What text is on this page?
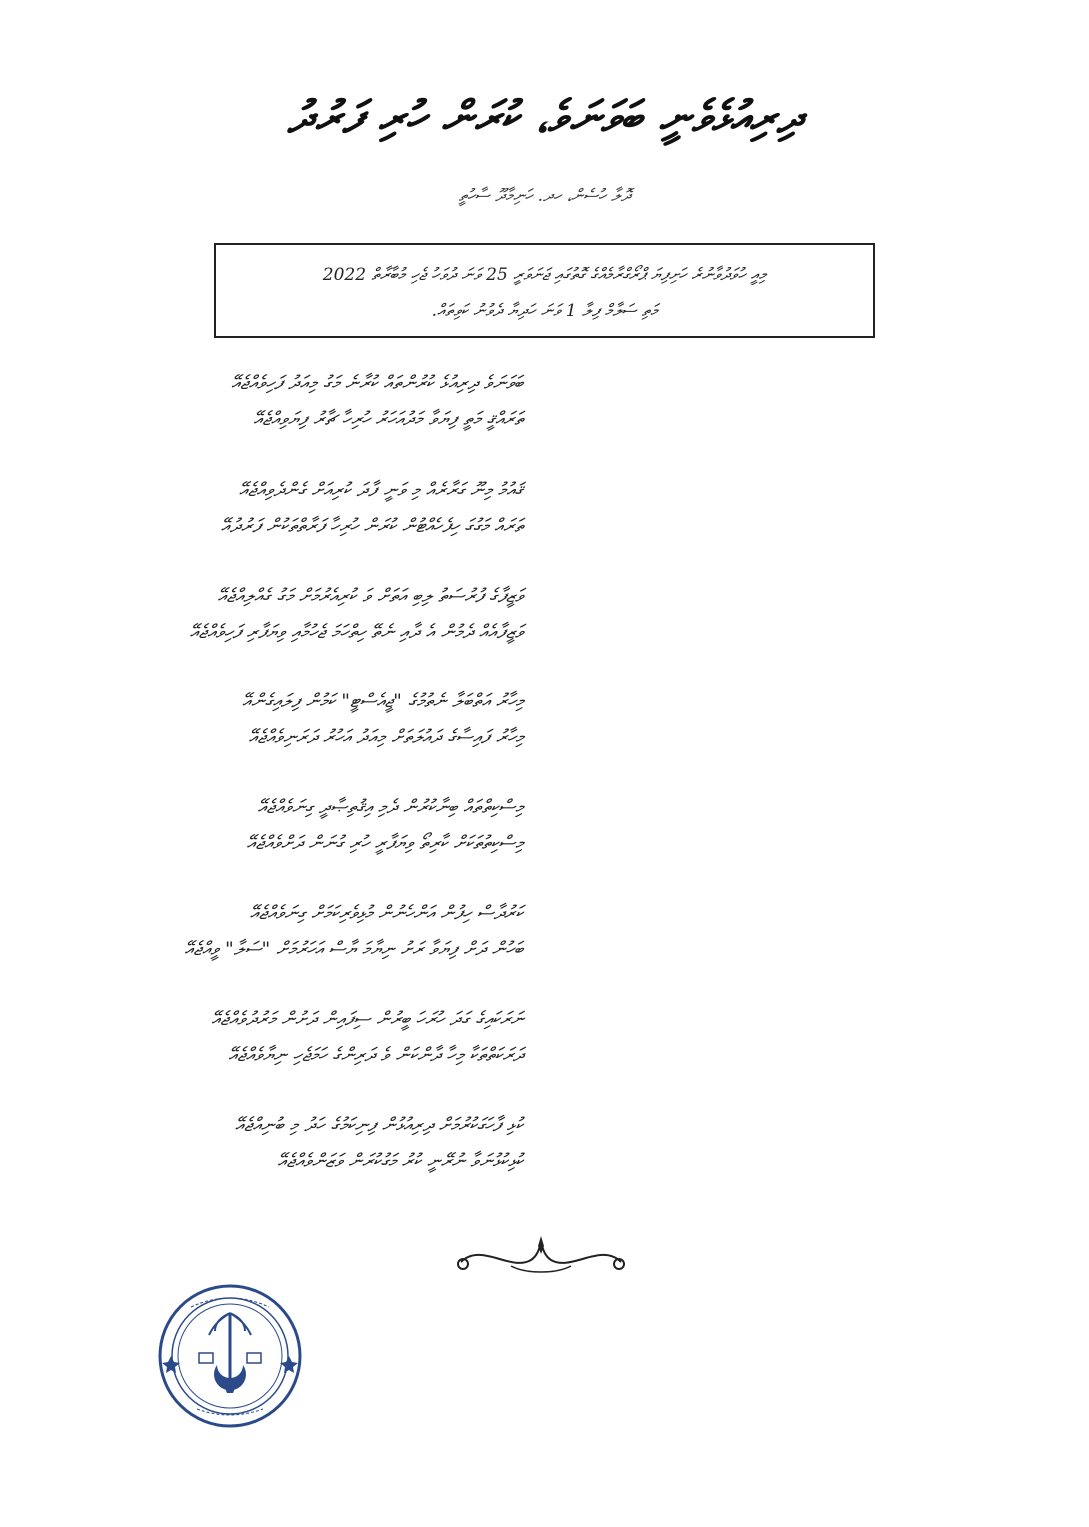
ދިރިއުޅެވެނީ ބަވަނަވެ، ކުރަން ހުރި ފަރުދު
ދޮލާ ހުސެން، ހދ. ހަނިމާދޫ ސާހުތީ
މިއީ ހުވަދުވާނުރެ ހަށިފިޔަ ޕްރޯގްރާމެއްގެ ގޮތުގައި ޖަނަވަރީ 25 ވަނަ ދުވަހު ޖެހި މުބާރާތް 2022
މަތި ސަލާމް ފިލާ 1 ވަނަ ހަދިޔާ ދެވުނު ކަވިތައް.
ބަވަނަވެ ދިރިއުޅެ ކުރުންތައް ކުރާނެ މަގު މިއަދު ފަހިވެއްޖެއޭ
ތަރައްޤީ މަތީ ފިޔަވާ މަދުއަހަރު ހުރިހާ ޗާރު ފިޔަވިއްޖެއޭ
ޤައުމު މިނޫ ގަރާރެއް މި ވަނީ ފާދަ ކުރިއަށް ގެންދެވިއްޖެއޭ
ތަރައް މަގުގަ ހިފެހެއްޓުން ކުރަން ހުރިހާ ފަރާތްތަކުން ފަރުދުއޭ
ވަޒީފާގެ ފުރުސަތު ލިބި އަތަށް ވަ ކުރިއެރުމަށް މަގު ގެއްލިއްޖެއޭ
ވަޒީފާއެއް ދެމުން އެ ދާއި ނެތޭ ހިތްހަމަ ޖެހުމާއި ވިޔަފާރި ފަހިވެއްޖެއޭ
މިހާރު އަތްބަލާ ނެތުމުގެ "ޖީއެސްޓީ" ކަމުން ފިލައިގެންއޭ
މިހާރު ފައިސާގެ ދައުލަތަށް މިއަދު އަހުރު ދަރަނިވެއްޖެއޭ
މިސްކިތްތައް ބިނާކުރުން ދެމި އިޤުތިޞާދީ ގިނަވެއްޖެއޭ
މިސްކިތުތަކަށް ކާރިތޯ ވިޔަފާރީ ހުރި ގުނަން ދަށްވެއްޖެއޭ
ކަރުދާސް ހިފުން އަންހެނުން މުޅިވެރިކަމަށް ގިނަވެއްޖެއޭ
ބަހުން ދަށް ފިޔަވާ ރަށު ނިޔާމަ ޔާސް އަހަރުމަށް "ސަލާ" ވީއްޖެއޭ
ނަރަކައިގެ ގަދަ ހުރަހަ ބީރުން ސިފައިން ދަށުން މަރުދުވެއްޖެއޭ
ދަރަކަތްތަކާ މިހާ ދާންކަން ވެ ދަރިންގެ ހަމަޖެހި ނިޔާވެއްޖެއޭ
ކުޅި ފާހަގަކުރުމަށް ދިރިއުޅުން ފިނިކަމުގެ ހަދު މި ބުނިއްޖެއޭ
ކުޅިކުޅުނަވާ ނުރޭނީ ކުރު މަގުކުރަން ވަޒަންވެއްޖެއޭ
